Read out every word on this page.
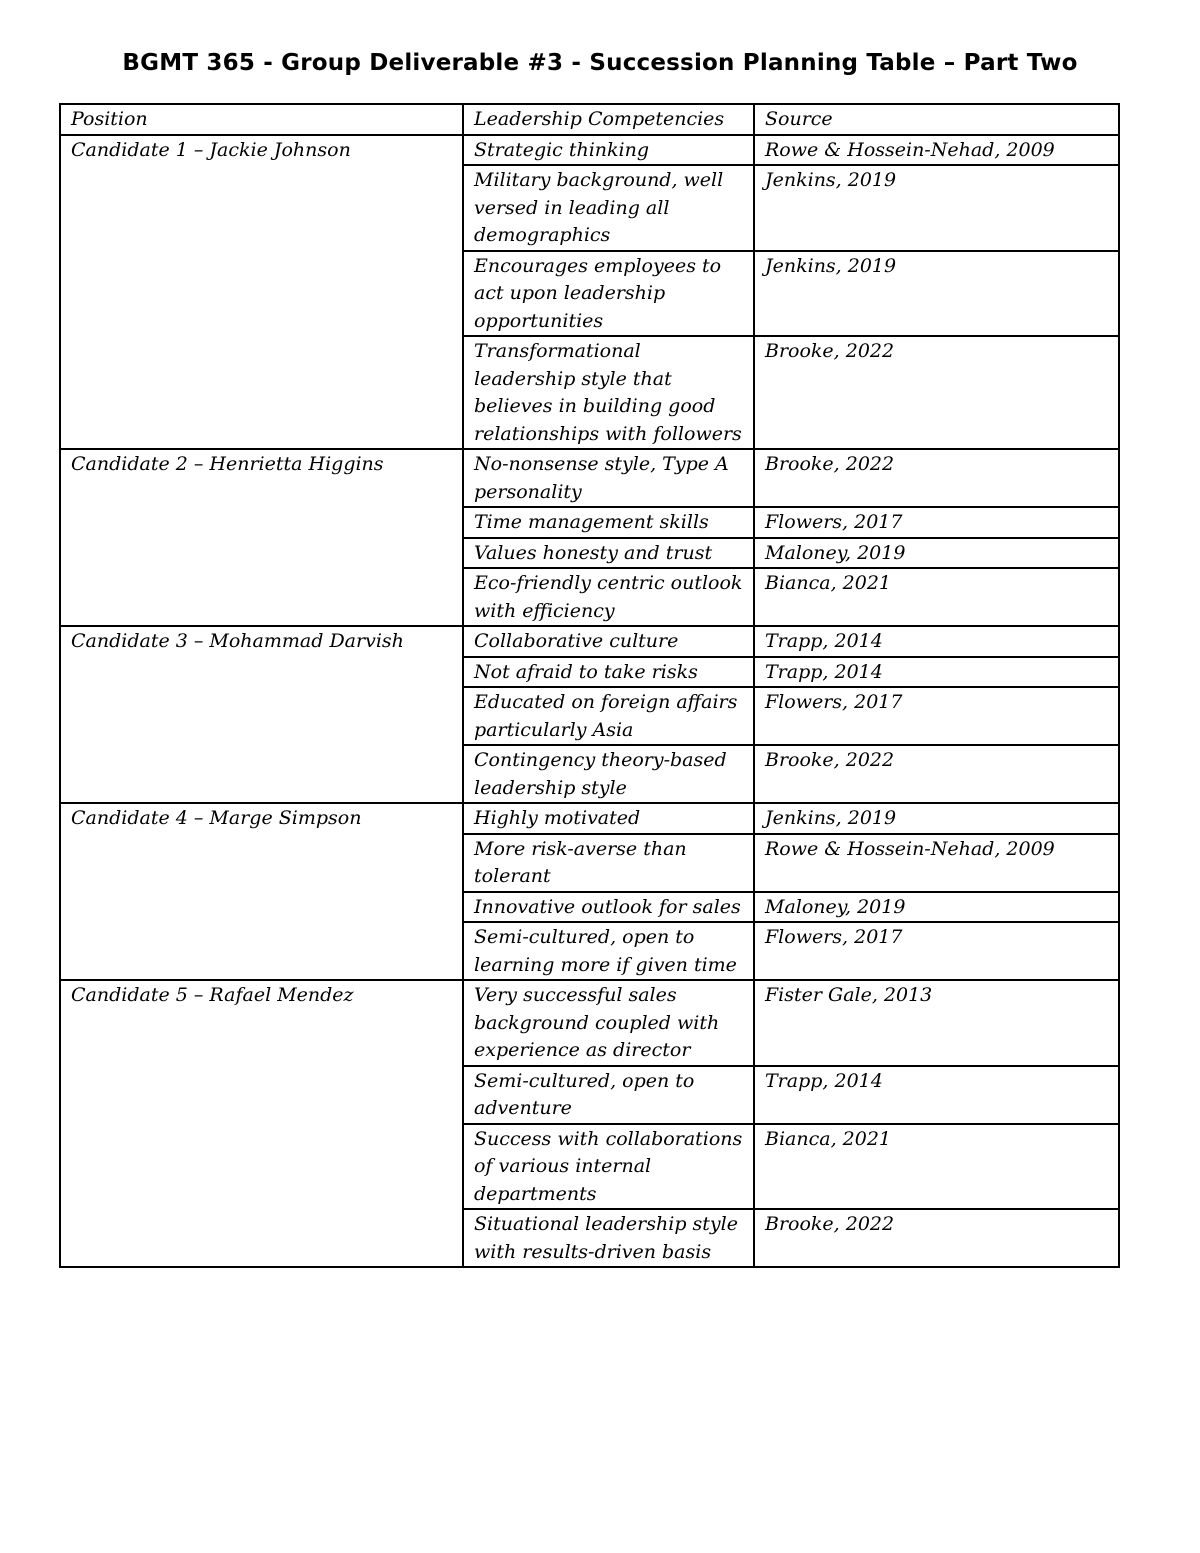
BGMT 365 - Group Deliverable #3 - Succession Planning Table – Part Two
Position	Leadership Competencies	Source
Candidate 1 – Jackie Johnson	Strategic thinking	Rowe & Hossein-Nehad, 2009
	Military background, well versed in leading all demographics	Jenkins, 2019
	Encourages employees to act upon leadership opportunities	Jenkins, 2019
	Transformational leadership style that believes in building good relationships with followers	Brooke, 2022
Candidate 2 – Henrietta Higgins	No-nonsense style, Type A personality	Brooke, 2022
	Time management skills	Flowers, 2017
	Values honesty and trust	Maloney, 2019
	Eco-friendly centric outlook with efficiency	Bianca, 2021
Candidate 3 – Mohammad Darvish	Collaborative culture	Trapp, 2014
	Not afraid to take risks	Trapp, 2014
	Educated on foreign affairs particularly Asia	Flowers, 2017
	Contingency theory-based leadership style	Brooke, 2022
Candidate 4 – Marge Simpson	Highly motivated	Jenkins, 2019
	More risk-averse than tolerant	Rowe & Hossein-Nehad, 2009
	Innovative outlook for sales	Maloney, 2019
	Semi-cultured, open to learning more if given time	Flowers, 2017
Candidate 5 – Rafael Mendez	Very successful sales background coupled with experience as director	Fister Gale, 2013
	Semi-cultured, open to adventure	Trapp, 2014
	Success with collaborations of various internal departments	Bianca, 2021
	Situational leadership style with results-driven basis	Brooke, 2022
